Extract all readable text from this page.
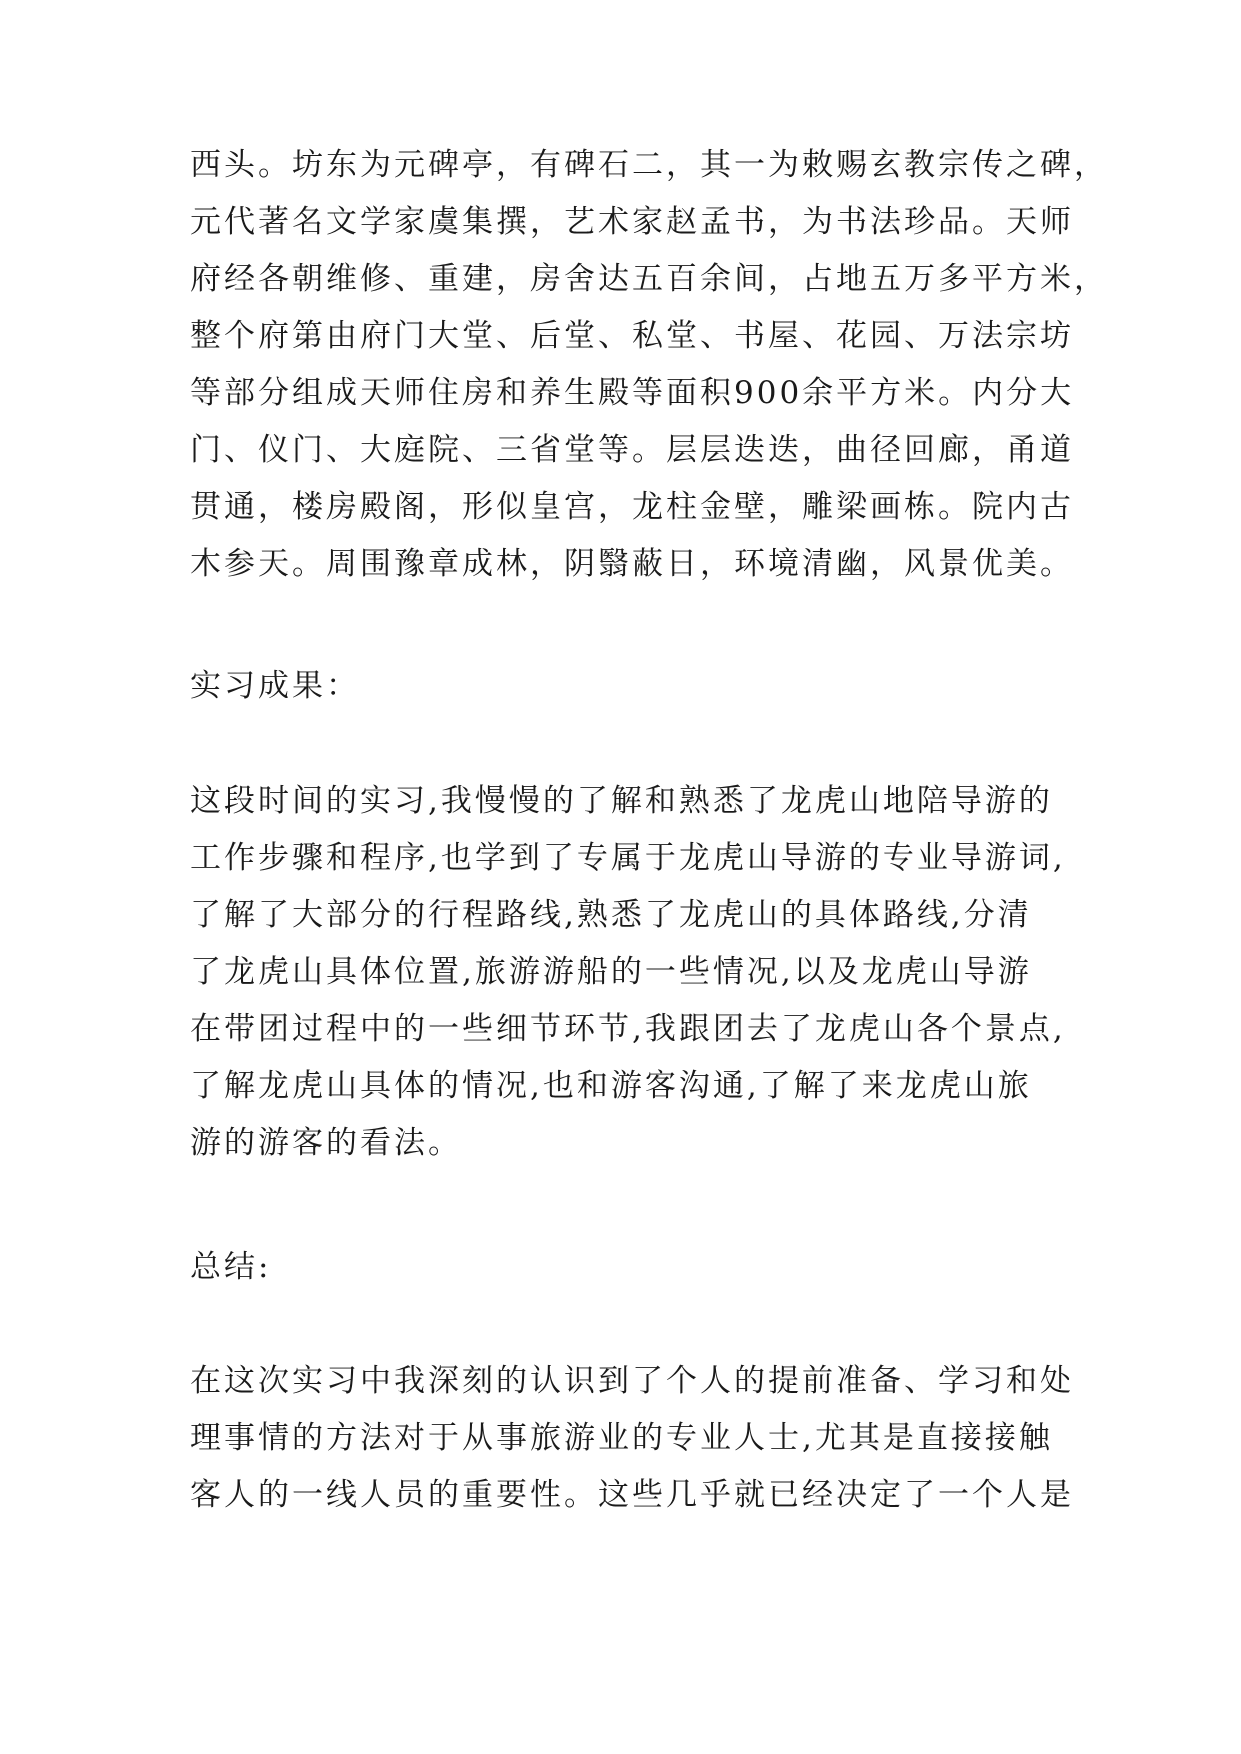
西头。坊东为元碑亭，有碑石二，其一为敕赐玄教宗传之碑，
元代著名文学家虞集撰，艺术家赵孟书，为书法珍品。天师
府经各朝维修、重建，房舍达五百余间，占地五万多平方米，
整个府第由府门大堂、后堂、私堂、书屋、花园、万法宗坊
等部分组成天师住房和养生殿等面积900余平方米。内分大
门、仪门、大庭院、三省堂等。层层迭迭，曲径回廊，甬道
贯通，楼房殿阁，形似皇宫，龙柱金壁，雕梁画栋。院内古
木参天。周围豫章成林，阴翳蔽日，环境清幽，风景优美。
实习成果：
这段时间的实习,我慢慢的了解和熟悉了龙虎山地陪导游的
工作步骤和程序,也学到了专属于龙虎山导游的专业导游词,
了解了大部分的行程路线,熟悉了龙虎山的具体路线,分清
了龙虎山具体位置,旅游游船的一些情况,以及龙虎山导游
在带团过程中的一些细节环节,我跟团去了龙虎山各个景点,
了解龙虎山具体的情况,也和游客沟通,了解了来龙虎山旅
游的游客的看法。
总结:
在这次实习中我深刻的认识到了个人的提前准备、学习和处
理事情的方法对于从事旅游业的专业人士,尤其是直接接触
客人的一线人员的重要性。这些几乎就已经决定了一个人是
